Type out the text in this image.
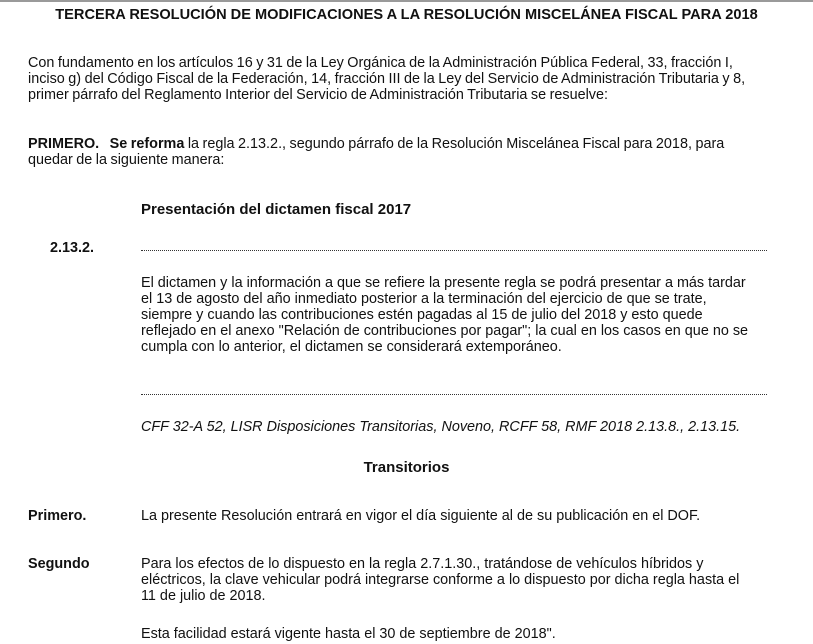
TERCERA RESOLUCIÓN DE MODIFICACIONES A LA RESOLUCIÓN MISCELÁNEA FISCAL PARA 2018
Con fundamento en los artículos 16 y 31 de la Ley Orgánica de la Administración Pública Federal, 33, fracción I,
inciso g) del Código Fiscal de la Federación, 14, fracción III de la Ley del Servicio de Administración Tributaria y 8,
primer párrafo del Reglamento Interior del Servicio de Administración Tributaria se resuelve:
PRIMERO. Se reforma la regla 2.13.2., segundo párrafo de la Resolución Miscelánea Fiscal para 2018, para
quedar de la siguiente manera:
Presentación del dictamen fiscal 2017
2.13.2.
El dictamen y la información a que se refiere la presente regla se podrá presentar a más tardar
el 13 de agosto del año inmediato posterior a la terminación del ejercicio de que se trate,
siempre y cuando las contribuciones estén pagadas al 15 de julio del 2018 y esto quede
reflejado en el anexo "Relación de contribuciones por pagar"; la cual en los casos en que no se
cumpla con lo anterior, el dictamen se considerará extemporáneo.
CFF 32-A 52, LISR Disposiciones Transitorias, Noveno, RCFF 58, RMF 2018 2.13.8., 2.13.15.
Transitorios
Primero.	La presente Resolución entrará en vigor el día siguiente al de su publicación en el DOF.
Segundo	Para los efectos de lo dispuesto en la regla 2.7.1.30., tratándose de vehículos híbridos y
eléctricos, la clave vehicular podrá integrarse conforme a lo dispuesto por dicha regla hasta el
11 de julio de 2018.
Esta facilidad estará vigente hasta el 30 de septiembre de 2018".
